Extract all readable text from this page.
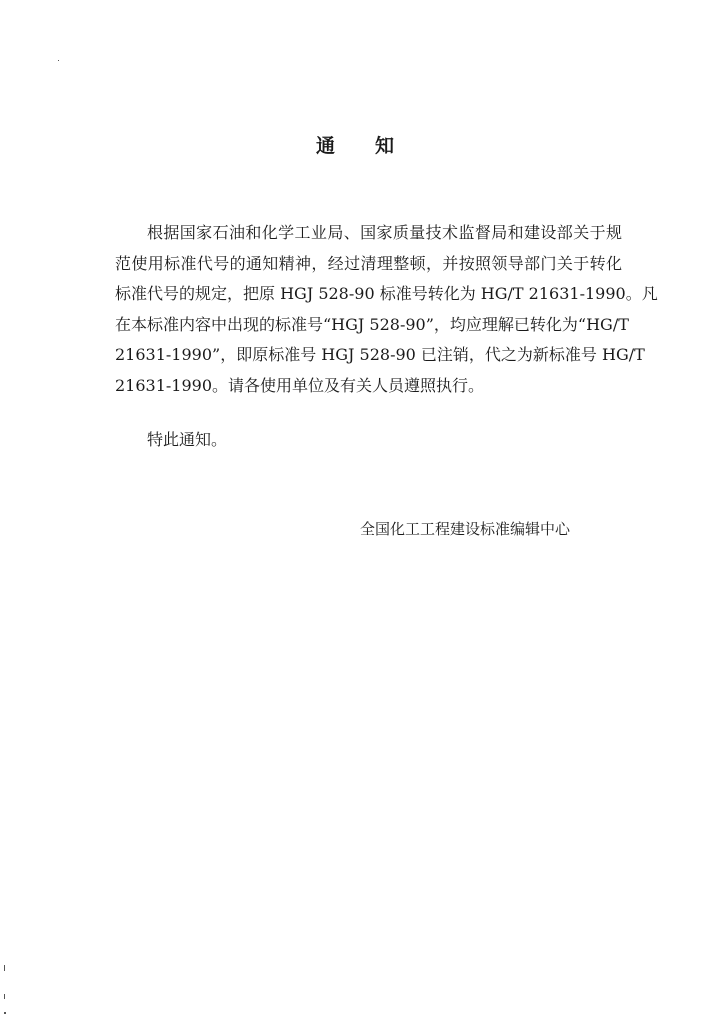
通 知
根据国家石油和化学工业局、国家质量技术监督局和建设部关于规
范使用标准代号的通知精神，经过清理整顿，并按照领导部门关于转化
标准代号的规定，把原 HGJ 528-90 标准号转化为 HG/T 21631-1990。凡
在本标准内容中出现的标准号“HGJ 528-90”，均应理解已转化为“HG/T
21631-1990”，即原标准号 HGJ 528-90 已注销，代之为新标准号 HG/T
21631-1990。请各使用单位及有关人员遵照执行。
特此通知。
全国化工工程建设标准编辑中心
